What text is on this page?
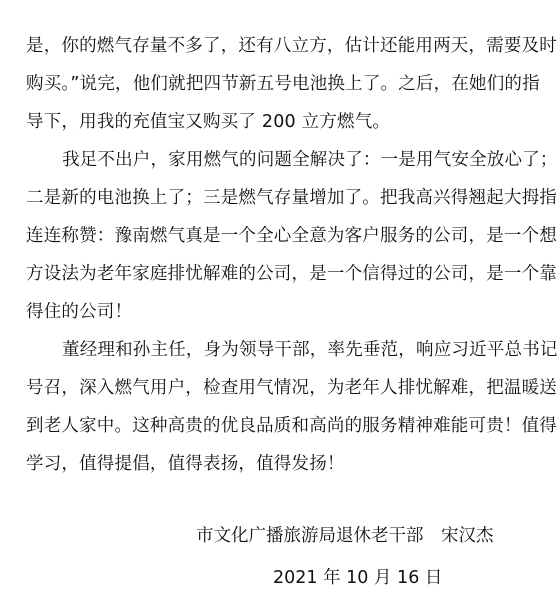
是，你的燃气存量不多了，还有八立方，估计还能用两天，需要及时
购买。”说完，他们就把四节新五号电池换上了。之后，在她们的指
导下，用我的充值宝又购买了 200 立方燃气。
我足不出户，家用燃气的问题全解决了：一是用气安全放心了；
二是新的电池换上了；三是燃气存量增加了。把我高兴得翘起大拇指
连连称赞：豫南燃气真是一个全心全意为客户服务的公司，是一个想
方设法为老年家庭排忧解难的公司，是一个信得过的公司，是一个靠
得住的公司！
董经理和孙主任，身为领导干部，率先垂范，响应习近平总书记
号召，深入燃气用户，检查用气情况，为老年人排忧解难，把温暖送
到老人家中。这种高贵的优良品质和高尚的服务精神难能可贵！值得
学习，值得提倡，值得表扬，值得发扬！
市文化广播旅游局退休老干部　宋汉杰
2021 年 10 月 16 日
